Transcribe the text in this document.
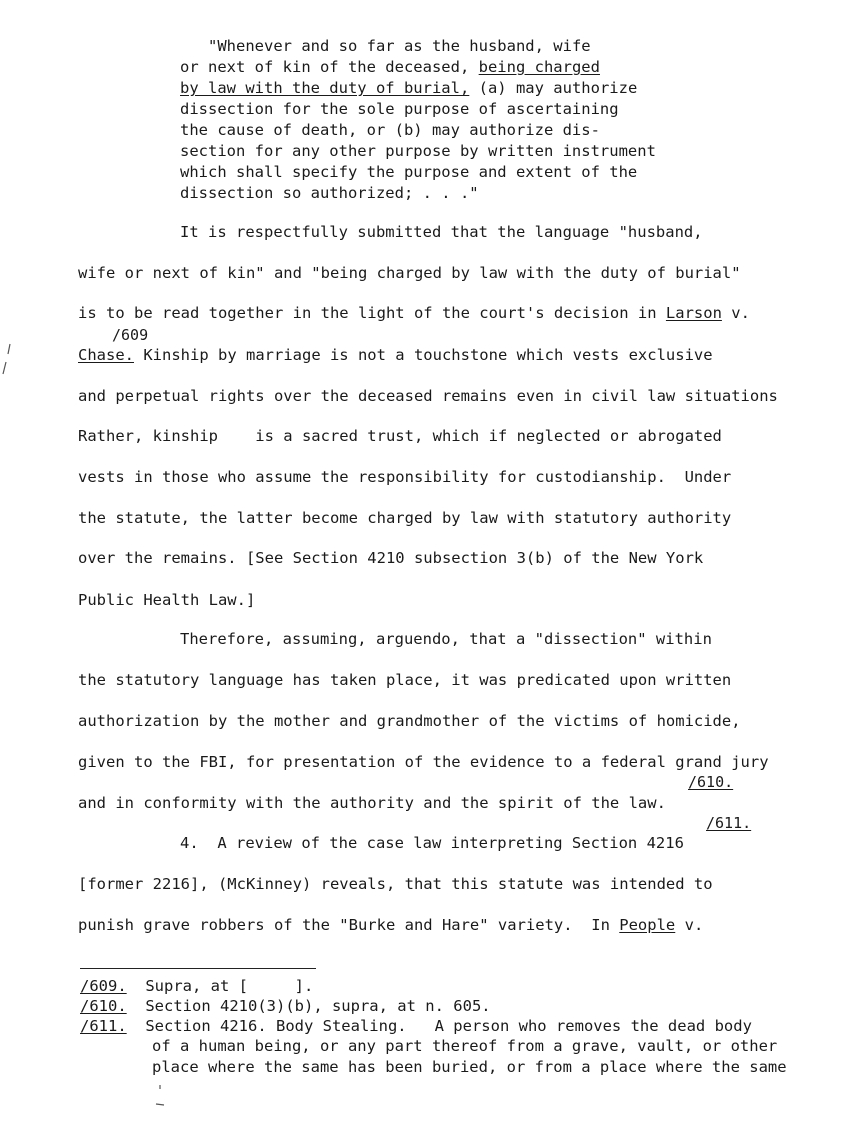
"Whenever and so far as the husband, wife
or next of kin of the deceased, being charged
by law with the duty of burial, (a) may authorize
dissection for the sole purpose of ascertaining
the cause of death, or (b) may authorize dis-
section for any other purpose by written instrument
which shall specify the purpose and extent of the
dissection so authorized; . . ."
It is respectfully submitted that the language "husband,
wife or next of kin" and "being charged by law with the duty of burial"
is to be read together in the light of the court's decision in Larson v.
/609
Chase. Kinship by marriage is not a touchstone which vests exclusive
and perpetual rights over the deceased remains even in civil law situations
Rather, kinship    is a sacred trust, which if neglected or abrogated
vests in those who assume the responsibility for custodianship.  Under
the statute, the latter become charged by law with statutory authority
over the remains. [See Section 4210 subsection 3(b) of the New York
Public Health Law.]
Therefore, assuming, arguendo, that a "dissection" within
the statutory language has taken place, it was predicated upon written
authorization by the mother and grandmother of the victims of homicide,
given to the FBI, for presentation of the evidence to a federal grand jury
/610.
and in conformity with the authority and the spirit of the law.
/611.
4.  A review of the case law interpreting Section 4216
[former 2216], (McKinney) reveals, that this statute was intended to
punish grave robbers of the "Burke and Hare" variety.  In People v.
/609. Supra, at [     ].
/610. Section 4210(3)(b), supra, at n. 605.
/611. Section 4216. Body Stealing.   A person who removes the dead body
of a human being, or any part thereof from a grave, vault, or other
place where the same has been buried, or from a place where the same
